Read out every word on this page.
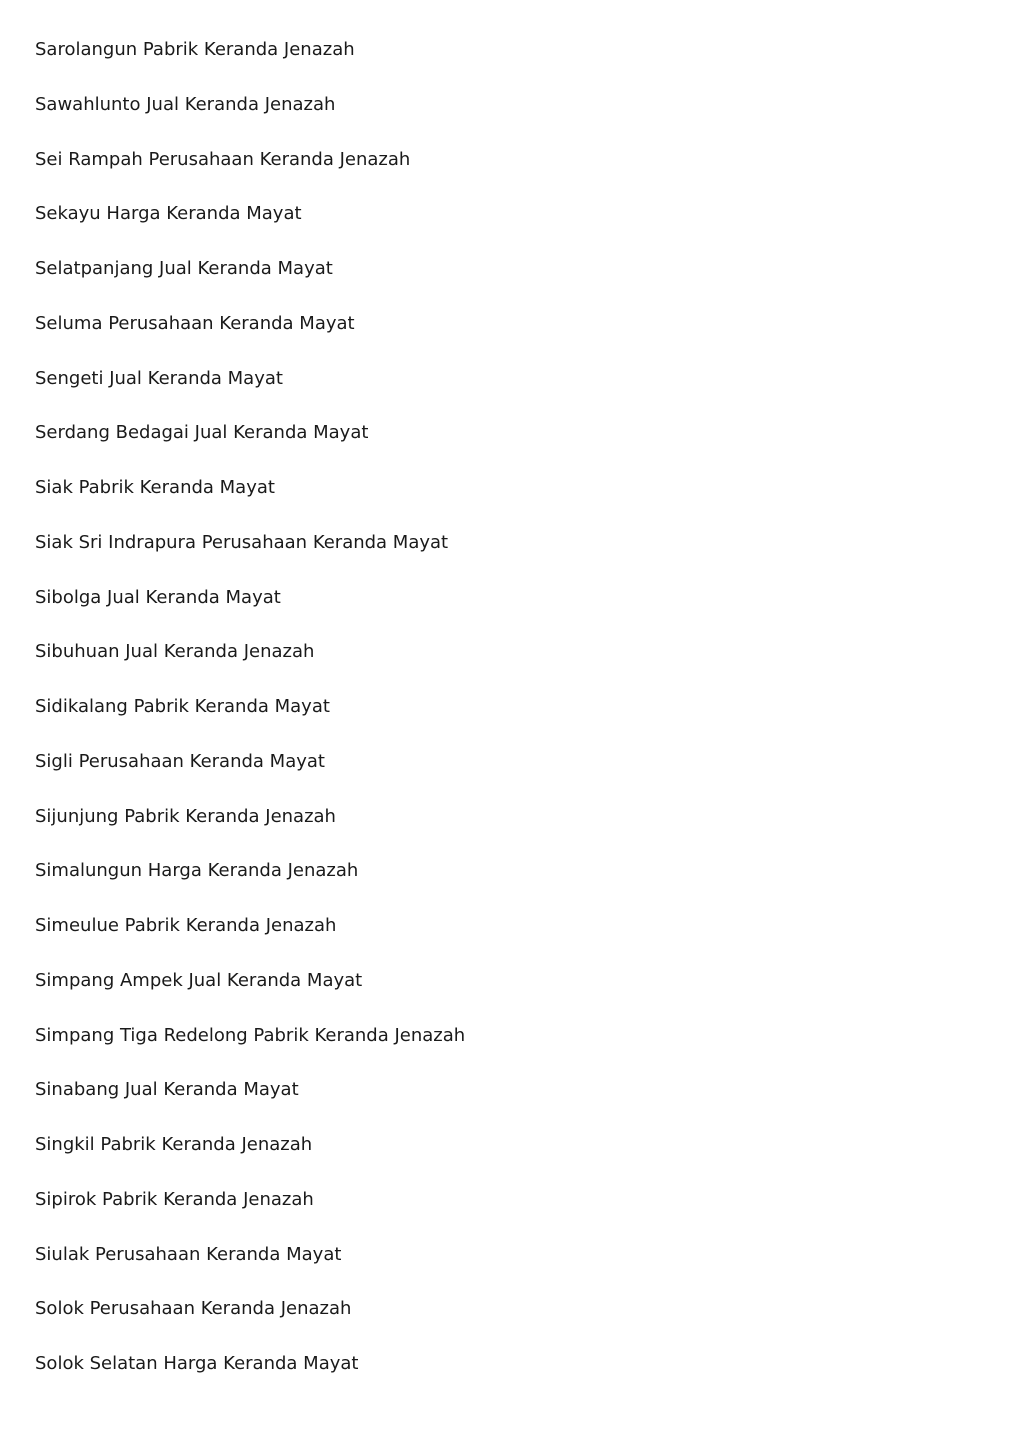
Sarolangun Pabrik Keranda Jenazah
Sawahlunto Jual Keranda Jenazah
Sei Rampah Perusahaan Keranda Jenazah
Sekayu Harga Keranda Mayat
Selatpanjang Jual Keranda Mayat
Seluma Perusahaan Keranda Mayat
Sengeti Jual Keranda Mayat
Serdang Bedagai Jual Keranda Mayat
Siak Pabrik Keranda Mayat
Siak Sri Indrapura Perusahaan Keranda Mayat
Sibolga Jual Keranda Mayat
Sibuhuan Jual Keranda Jenazah
Sidikalang Pabrik Keranda Mayat
Sigli Perusahaan Keranda Mayat
Sijunjung Pabrik Keranda Jenazah
Simalungun Harga Keranda Jenazah
Simeulue Pabrik Keranda Jenazah
Simpang Ampek Jual Keranda Mayat
Simpang Tiga Redelong Pabrik Keranda Jenazah
Sinabang Jual Keranda Mayat
Singkil Pabrik Keranda Jenazah
Sipirok Pabrik Keranda Jenazah
Siulak Perusahaan Keranda Mayat
Solok Perusahaan Keranda Jenazah
Solok Selatan Harga Keranda Mayat
